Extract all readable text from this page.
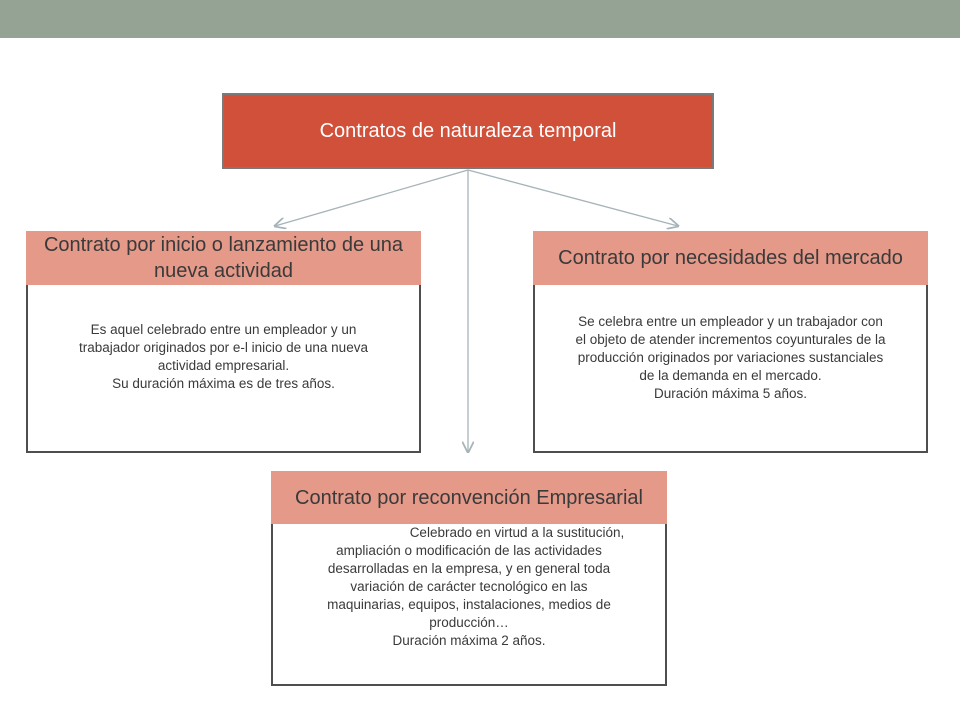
Contratos de naturaleza temporal
Contrato por inicio o lanzamiento de una nueva actividad
Es aquel celebrado entre un empleador y un
trabajador originados por e-l inicio de una nueva
actividad empresarial.
Su duración máxima es de tres años.
Contrato por necesidades del mercado
Se celebra entre un empleador y un trabajador con
el objeto de atender incrementos coyunturales de la
producción originados por variaciones sustanciales
de la demanda en el mercado.
Duración máxima 5 años.
Contrato por reconvención Empresarial
Celebrado en virtud a la sustitución,
ampliación o modificación de las actividades
desarrolladas en la empresa, y en general toda
variación de carácter tecnológico en las
maquinarias, equipos, instalaciones, medios de
producción…
Duración máxima 2 años.
